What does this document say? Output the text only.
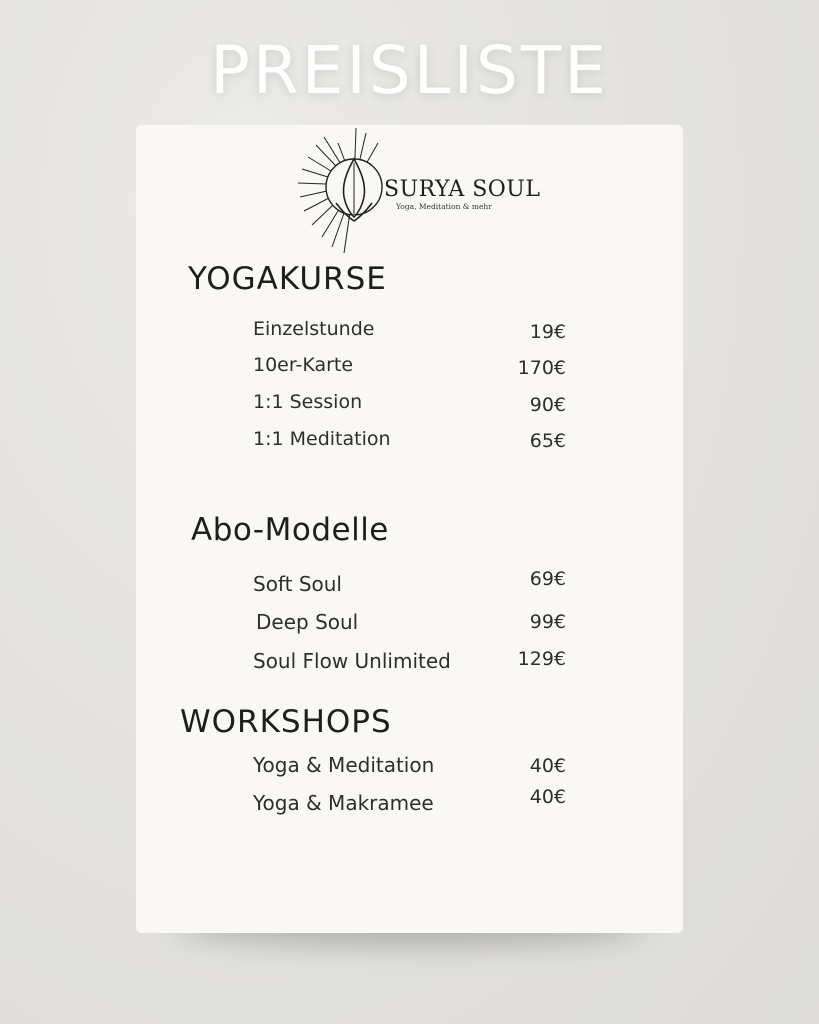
PREISLISTE
SURYA SOUL
Yoga, Meditation & mehr
YOGAKURSE
Einzelstunde	19€
10er-Karte	170€
1:1 Session	90€
1:1 Meditation	65€
Abo-Modelle
Soft Soul	69€
Deep Soul	99€
Soul Flow Unlimited	129€
WORKSHOPS
Yoga & Meditation	40€
Yoga & Makramee	40€
